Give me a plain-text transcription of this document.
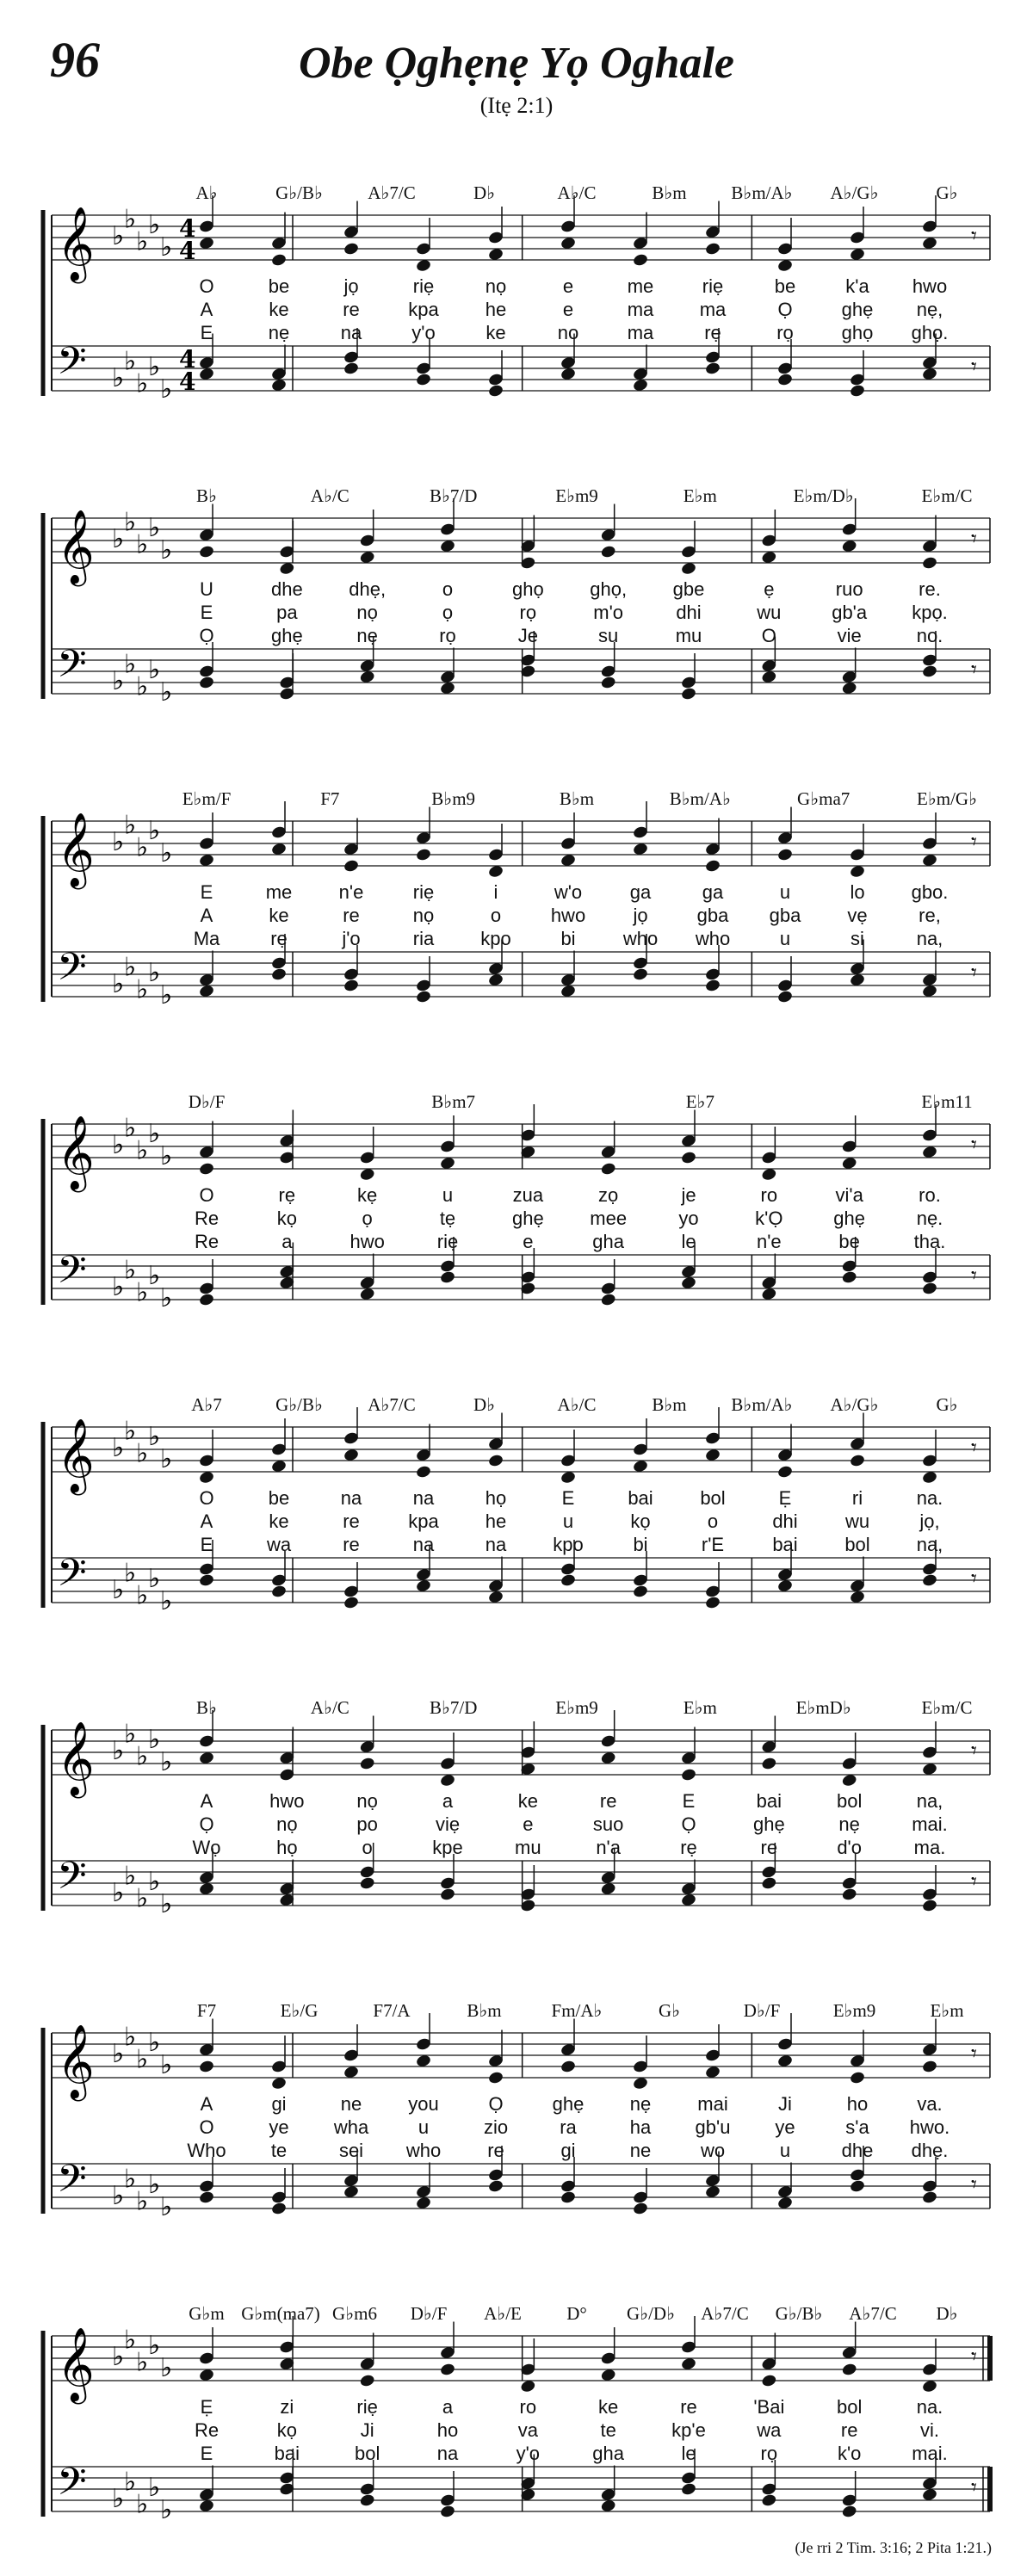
96	Obe Ọghẹnẹ Yọ Oghale
(Itẹ 2:1)
𝄞
𝄢
♭
♭
♭
♭
♭
♭
♭
♭
♭
♭
4
4
4
4
𝄾
𝄾
A♭	G♭/B♭ A♭7/C	D♭	A♭/C	B♭m B♭m/A♭ A♭/G♭	G♭
O	be	jọ	riẹ	nọ	e	me	riẹ	be	k'a hwo
A	ke	re	kpa he	e	ma ma	Ọ	ghẹ nẹ,
E	nẹ	na	y'o	ke	no	ma	rẹ	rọ	ghọ ghọ.
𝄞
𝄢
♭
♭
♭
♭
♭
♭
♭
♭
♭
♭
𝄾
𝄾
B♭	A♭/C	B♭7/D	E♭m9	E♭m	E♭m/D♭	E♭m/C
U	dhe dhẹ,	o	ghọ ghọ, gbe	ẹ	ruo	re.
E	pa	nọ	ọ	rọ	m'o	dhi	wu	gb'a kpọ.
Ọ	ghẹ	nẹ	rọ	Je	su	mu	O	vie	no.
𝄞
𝄢
♭
♭
♭
♭
♭
♭
♭
♭
♭
♭
𝄾
𝄾
E♭m/F	F7	B♭m9	B♭m	B♭m/A♭	G♭ma7	E♭m/G♭
E	me n'e	riẹ	i	w'o	ga	ga	u	lo gbo.
A	ke	re	nọ	o	hwo	jọ	gba gba vẹ	re,
Ma	rẹ	j'o	ria kpo	bi	who who	u	si	na,
𝄞
𝄢
♭
♭
♭
♭
♭
♭
♭
♭
♭
♭
𝄾
𝄾
D♭/F	B♭m7	E♭7	E♭m11
O	rẹ	kẹ	u	zua	zọ	je	ro	vi'a	ro.
Re	kọ	ọ	tẹ	ghẹ mee	yo	k'Ọ	ghẹ	nẹ.
Re	a	hwo	riẹ	e	gha	le	n'e	be	tha.
𝄞
𝄢
♭
♭
♭
♭
♭
♭
♭
♭
♭
♭
𝄾
𝄾
A♭7	G♭/B♭ A♭7/C	D♭	A♭/C	B♭m B♭m/A♭ A♭/G♭	G♭
O	be	na	na	họ	E	bai bol	Ẹ	ri	na.
A	ke	re	kpa he	u	kọ	o	dhi	wu	jọ,
E	wa	re	na	na kpo	bi	r'E	bai bol na,
𝄞
𝄢
♭
♭
♭
♭
♭
♭
♭
♭
♭
♭
𝄾
𝄾
B♭	A♭/C	B♭7/D	E♭m9	E♭m	E♭mD♭	E♭m/C
A	hwo	nọ	a	ke	re	E	bai	bol	na,
Ọ	nọ	po	viẹ	e	suo	Ọ	ghẹ	nẹ	mai.
Wọ	họ	o	kpe	mu	n'a	rẹ	re	d'o	ma.
𝄞
𝄢
♭
♭
♭
♭
♭
♭
♭
♭
♭
♭
𝄾
𝄾
F7	E♭/G	F7/A	B♭m	Fm/A♭	G♭	D♭/F	E♭m9	E♭m
A	gi	ne you	Ọ	ghẹ nẹ mai	Ji	ho	va.
O	ye wha	u	zio	ra	ha gb'u ye	s'a hwo.
Who te	sei who re	gi	ne	wo	u	dhe dhẹ.
𝄞
𝄢
♭
♭
♭
♭
♭
♭
♭
♭
♭
♭
𝄾
𝄾
G♭m G♭m(ma7) G♭m6 D♭/F A♭/E D° G♭/D♭ A♭7/C G♭/B♭ A♭7/C D♭
Ẹ	zi	riẹ	a	ro	ke	re	'Bai	bol	na.
Re	kọ	Ji	ho	va	te	kp'e	wa	re	vi.
E	bai	bol	na	y'o	gha	le	rọ	k'o	mai.
(Je rri 2 Tim. 3:16; 2 Pita 1:21.)
